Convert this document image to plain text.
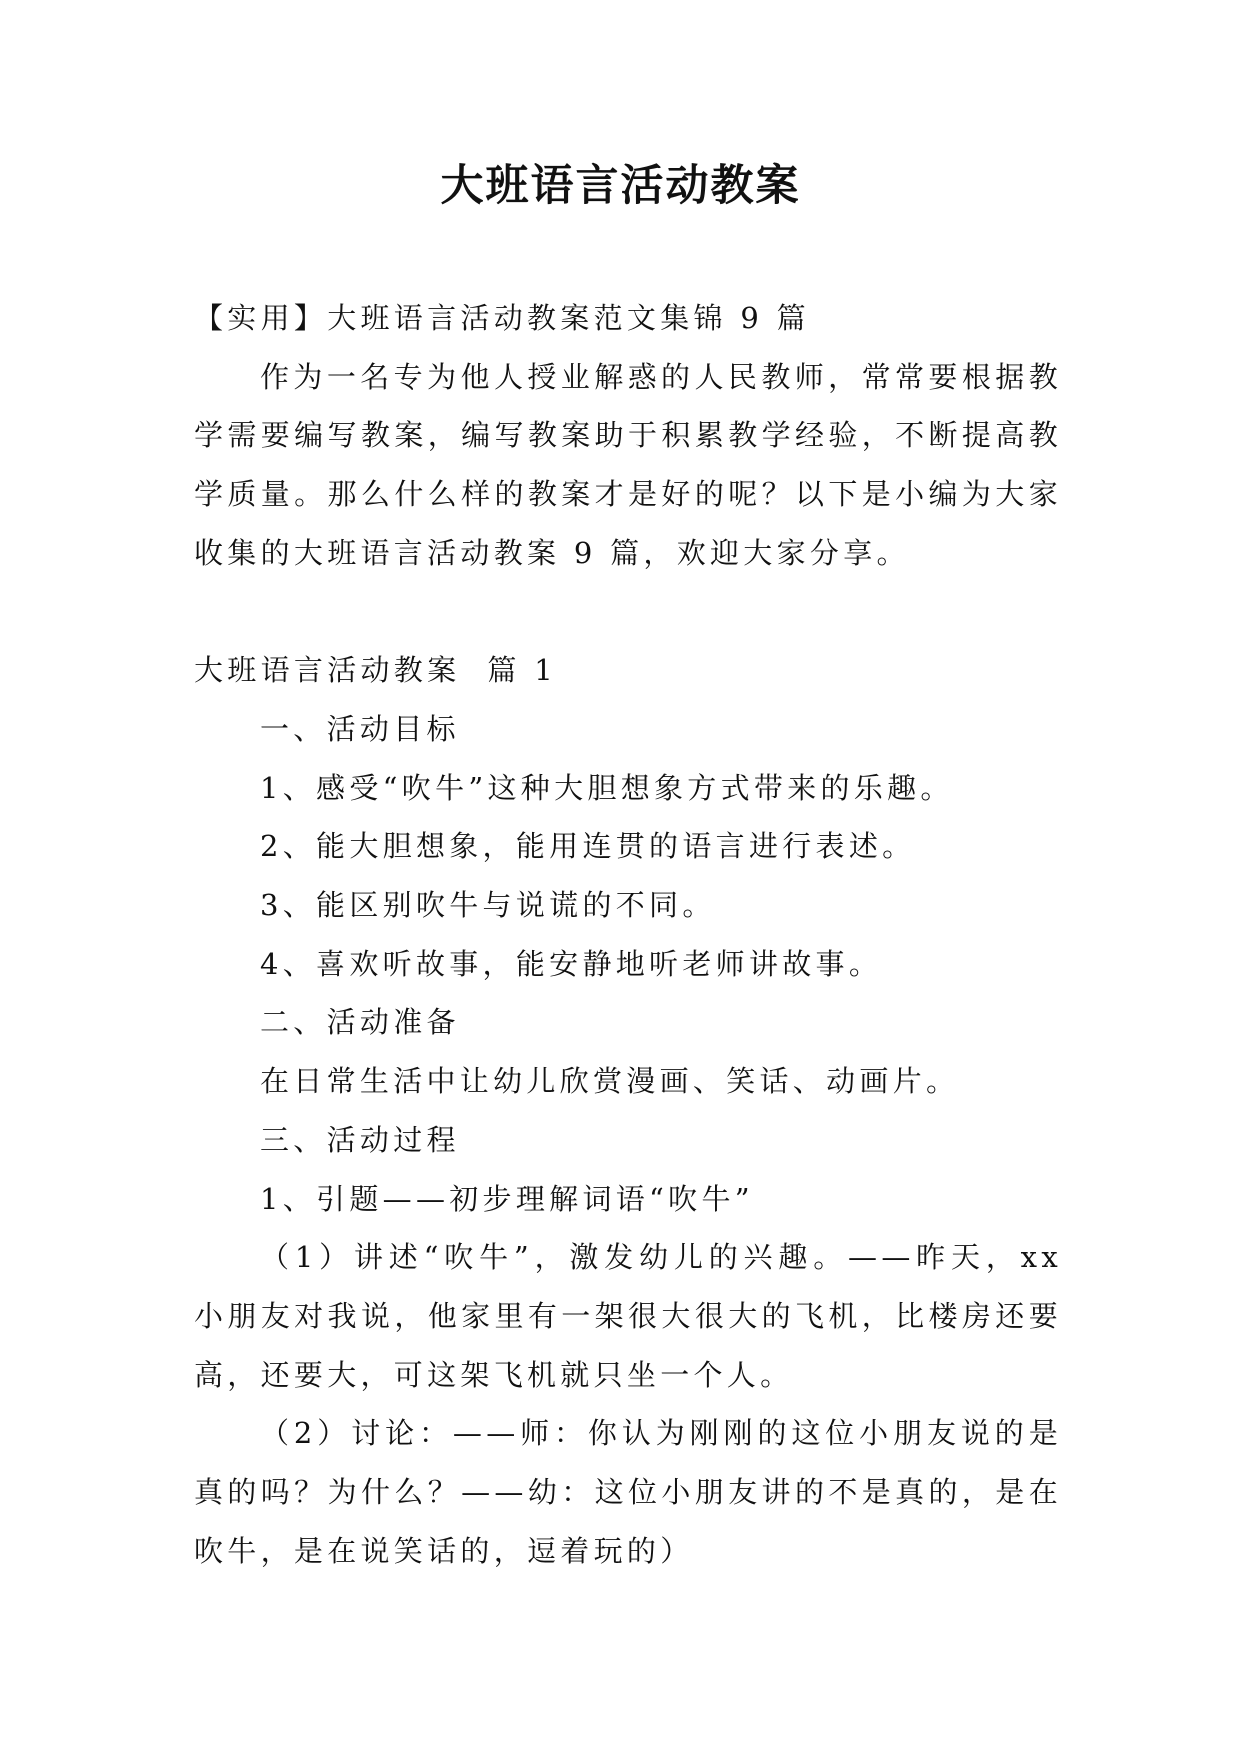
大班语言活动教案

【实用】大班语言活动教案范文集锦 9 篇

作为一名专为他人授业解惑的人民教师，常常要根据教学需要编写教案，编写教案助于积累教学经验，不断提高教学质量。那么什么样的教案才是好的呢？以下是小编为大家收集的大班语言活动教案 9 篇，欢迎大家分享。

大班语言活动教案  篇 1

一、活动目标

1、感受“吹牛”这种大胆想象方式带来的乐趣。

2、能大胆想象，能用连贯的语言进行表述。

3、能区别吹牛与说谎的不同。

4、喜欢听故事，能安静地听老师讲故事。

二、活动准备

在日常生活中让幼儿欣赏漫画、笑话、动画片。

三、活动过程

1、引题——初步理解词语“吹牛”

（1）讲述“吹牛”，激发幼儿的兴趣。——昨天，xx 小朋友对我说，他家里有一架很大很大的飞机，比楼房还要高，还要大，可这架飞机就只坐一个人。

（2）讨论：——师：你认为刚刚的这位小朋友说的是真的吗？为什么？——幼：这位小朋友讲的不是真的，是在吹牛，是在说笑话的，逗着玩的）
